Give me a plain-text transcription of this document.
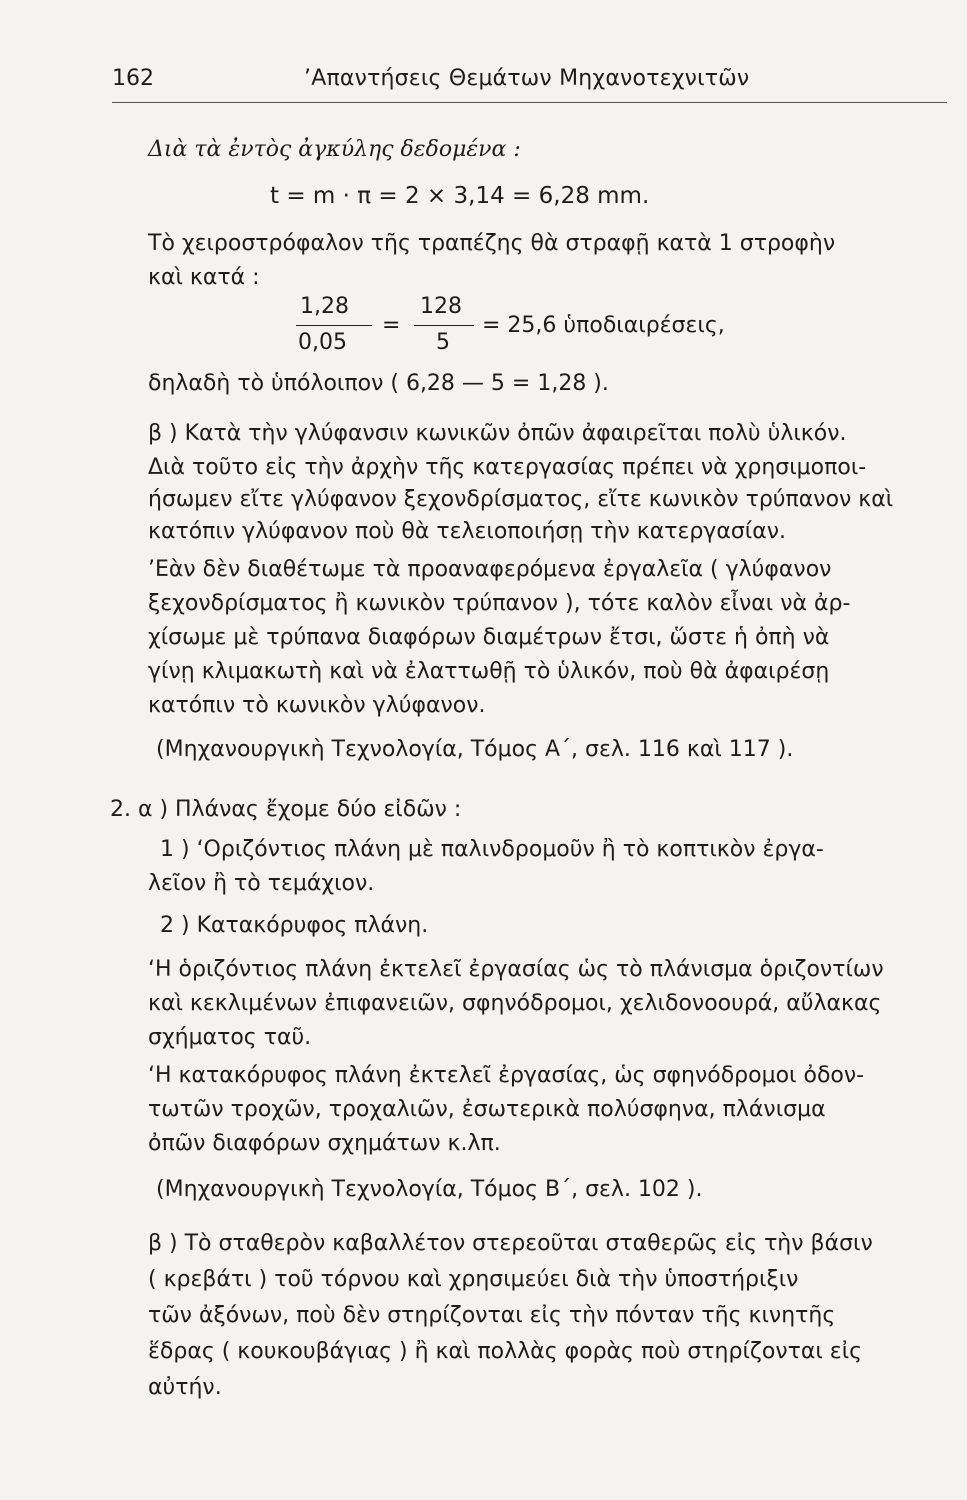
162	’Απαντήσεις Θεμάτων Μηχανοτεχνιτῶν
Διὰ τὰ ἐντὸς ἀγκύλης δεδομένα :
t = m · π = 2 × 3,14 = 6,28 mm.
Τὸ χειροστρόφαλον τῆς τραπέζης θὰ στραφῇ κατὰ 1 στροφὴν
καὶ κατά :
1,28
0,05
=
128
5
= 25,6 ὑποδιαιρέσεις,
δηλαδὴ τὸ ὑπόλοιπον ( 6,28 — 5 = 1,28 ).
β ) Κατὰ τὴν γλύφανσιν κωνικῶν ὀπῶν ἀφαιρεῖται πολὺ ὑλικόν.
Διὰ τοῦτο εἰς τὴν ἀρχὴν τῆς κατεργασίας πρέπει νὰ χρησιμοποι-
ήσωμεν εἴτε γλύφανον ξεχονδρίσματος, εἴτε κωνικὸν τρύπανον καὶ
κατόπιν γλύφανον ποὺ θὰ τελειοποιήσῃ τὴν κατεργασίαν.
’Εὰν δὲν διαθέτωμε τὰ προαναφερόμενα ἐργαλεῖα ( γλύφανον
ξεχονδρίσματος ἢ κωνικὸν τρύπανον ), τότε καλὸν εἶναι νὰ ἀρ-
χίσωμε μὲ τρύπανα διαφόρων διαμέτρων ἔτσι, ὥστε ἡ ὀπὴ νὰ
γίνῃ κλιμακωτὴ καὶ νὰ ἐλαττωθῇ τὸ ὑλικόν, ποὺ θὰ ἀφαιρέσῃ
κατόπιν τὸ κωνικὸν γλύφανον.
(Μηχανουργικὴ Τεχνολογία, Τόμος Α΄, σελ. 116 καὶ 117 ).
2. α ) Πλάνας ἔχομε δύο εἰδῶν :
1 ) ‘Οριζόντιος πλάνη μὲ παλινδρομοῦν ἢ τὸ κοπτικὸν ἐργα-
λεῖον ἢ τὸ τεμάχιον.
2 ) Κατακόρυφος πλάνη.
‘Η ὁριζόντιος πλάνη ἐκτελεῖ ἐργασίας ὡς τὸ πλάνισμα ὁριζοντίων
καὶ κεκλιμένων ἐπιφανειῶν, σφηνόδρομοι, χελιδονοουρά, αὔλακας
σχήματος ταῦ.
‘Η κατακόρυφος πλάνη ἐκτελεῖ ἐργασίας, ὡς σφηνόδρομοι ὀδον-
τωτῶν τροχῶν, τροχαλιῶν, ἐσωτερικὰ πολύσφηνα, πλάνισμα
ὀπῶν διαφόρων σχημάτων κ.λπ.
(Μηχανουργικὴ Τεχνολογία, Τόμος Β΄, σελ. 102 ).
β ) Τὸ σταθερὸν καβαλλέτον στερεοῦται σταθερῶς εἰς τὴν βάσιν
( κρεβάτι ) τοῦ τόρνου καὶ χρησιμεύει διὰ τὴν ὑποστήριξιν
τῶν ἀξόνων, ποὺ δὲν στηρίζονται εἰς τὴν πόνταν τῆς κινητῆς
ἕδρας ( κουκουβάγιας ) ἢ καὶ πολλὰς φορὰς ποὺ στηρίζονται εἰς
αὐτήν.
